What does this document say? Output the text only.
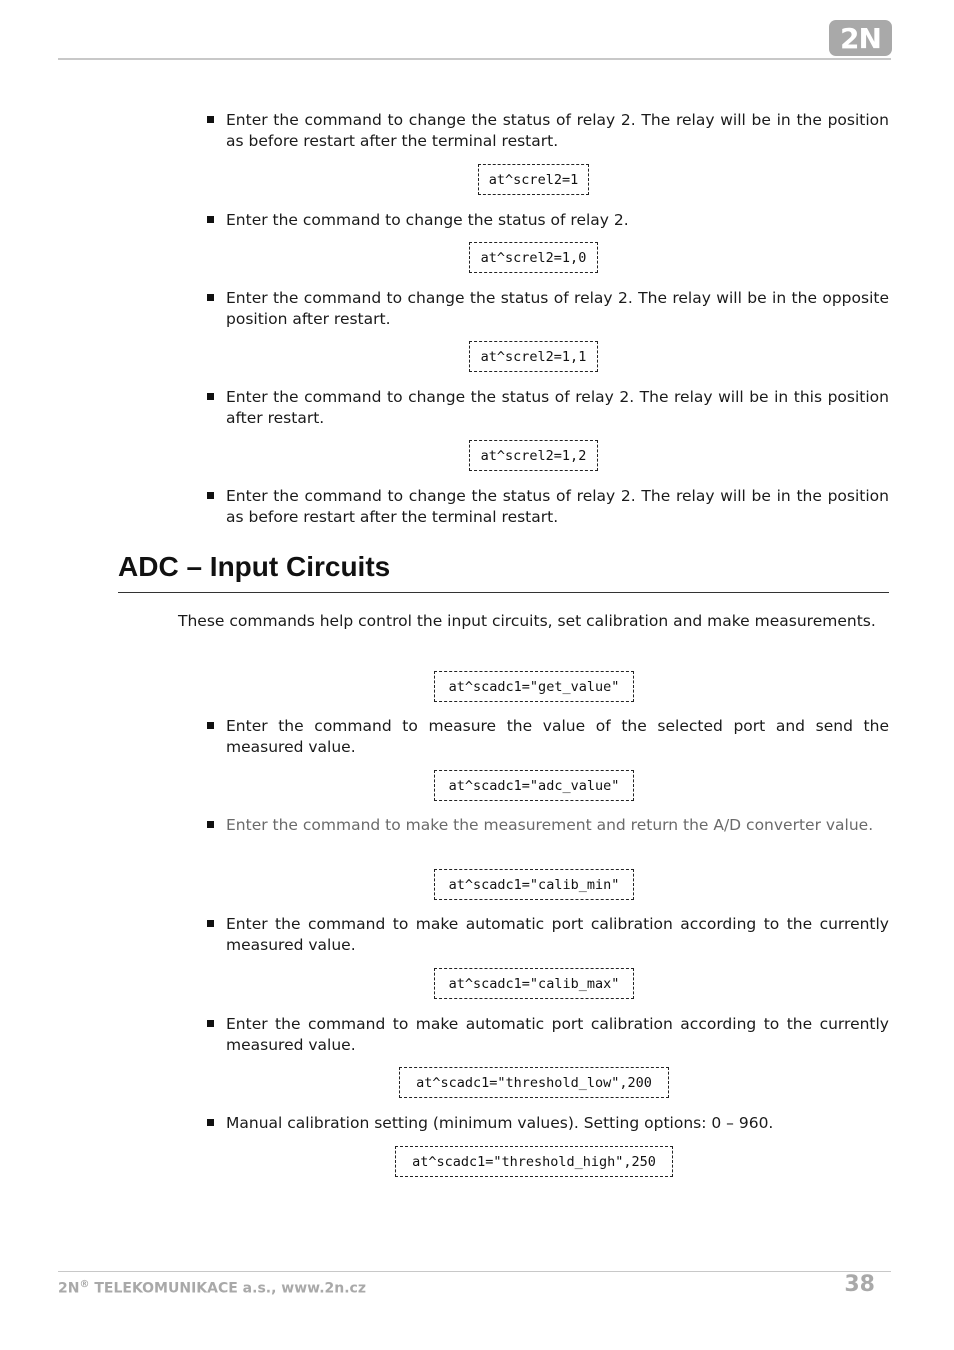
2N
Enter the command to change the status of relay 2. The relay will be in the position as before restart after the terminal restart.
at^screl2=1
Enter the command to change the status of relay 2.
at^screl2=1,0
Enter the command to change the status of relay 2. The relay will be in the opposite position after restart.
at^screl2=1,1
Enter the command to change the status of relay 2. The relay will be in this position after restart.
at^screl2=1,2
Enter the command to change the status of relay 2. The relay will be in the position as before restart after the terminal restart.
ADC – Input Circuits
These commands help control the input circuits, set calibration and make measurements.
at^scadc1="get_value"
Enter the command to measure the value of the selected port and send the measured value.
at^scadc1="adc_value"
Enter the command to make the measurement and return the A/D converter value.
at^scadc1="calib_min"
Enter the command to make automatic port calibration according to the currently measured value.
at^scadc1="calib_max"
Enter the command to make automatic port calibration according to the currently measured value.
at^scadc1="threshold_low",200
Manual calibration setting (minimum values). Setting options: 0 – 960.
at^scadc1="threshold_high",250
2N® TELEKOMUNIKACE a.s., www.2n.cz	38
